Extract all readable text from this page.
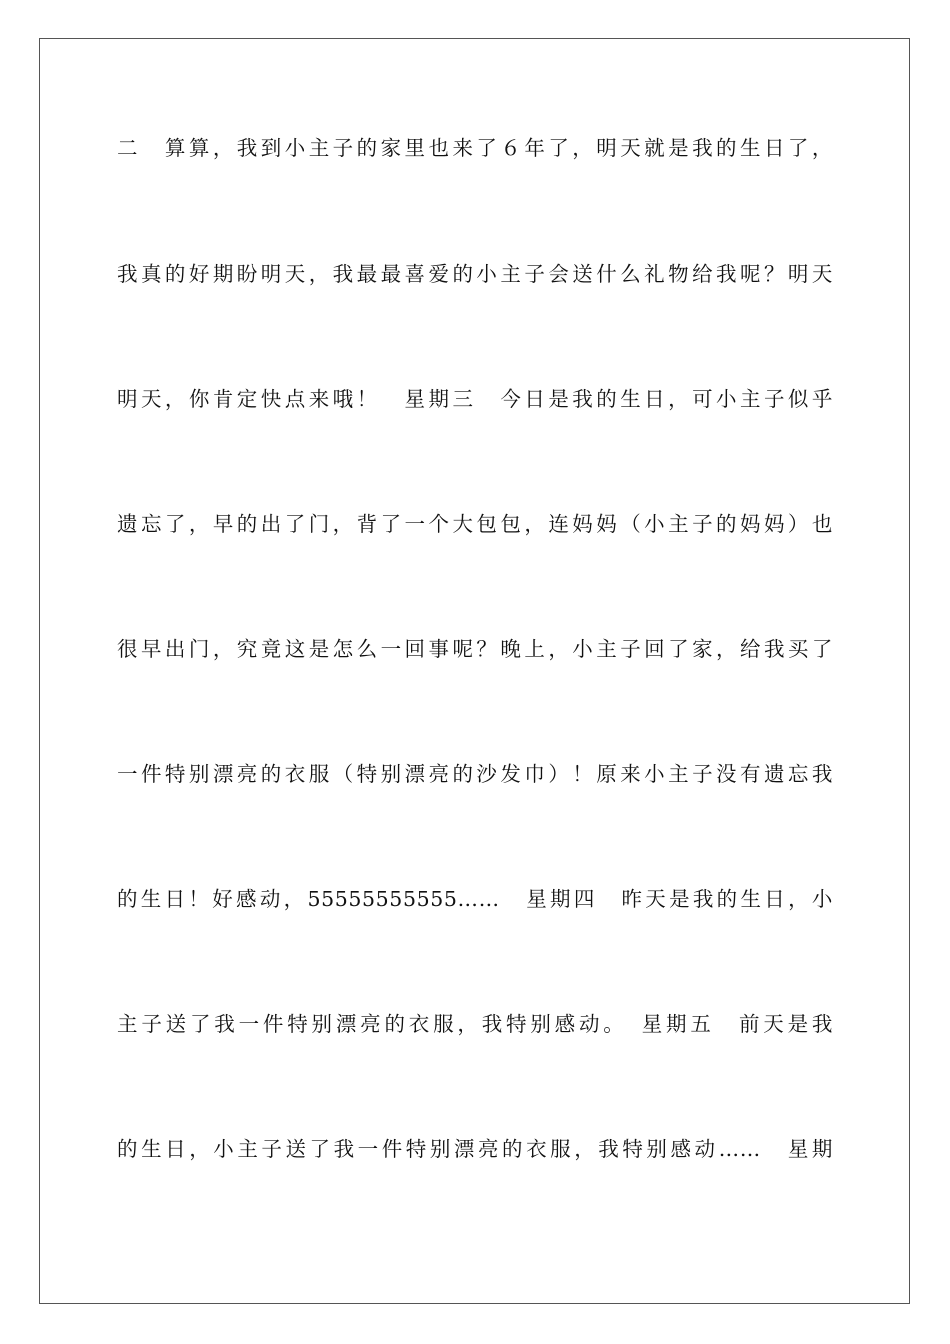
二　算算，我到小主子的家里也来了６年了，明天就是我的生日了，
我真的好期盼明天，我最最喜爱的小主子会送什么礼物给我呢？明天
明天，你肯定快点来哦！　星期三　今日是我的生日，可小主子似乎
遗忘了，早的出了门，背了一个大包包，连妈妈（小主子的妈妈）也
很早出门，究竟这是怎么一回事呢？晚上，小主子回了家，给我买了
一件特别漂亮的衣服（特别漂亮的沙发巾）！原来小主子没有遗忘我
的生日！好感动，55555555555……　星期四　昨天是我的生日，小
主子送了我一件特别漂亮的衣服，我特别感动。　星期五　前天是我
的生日，小主子送了我一件特别漂亮的衣服，我特别感动……　星期
